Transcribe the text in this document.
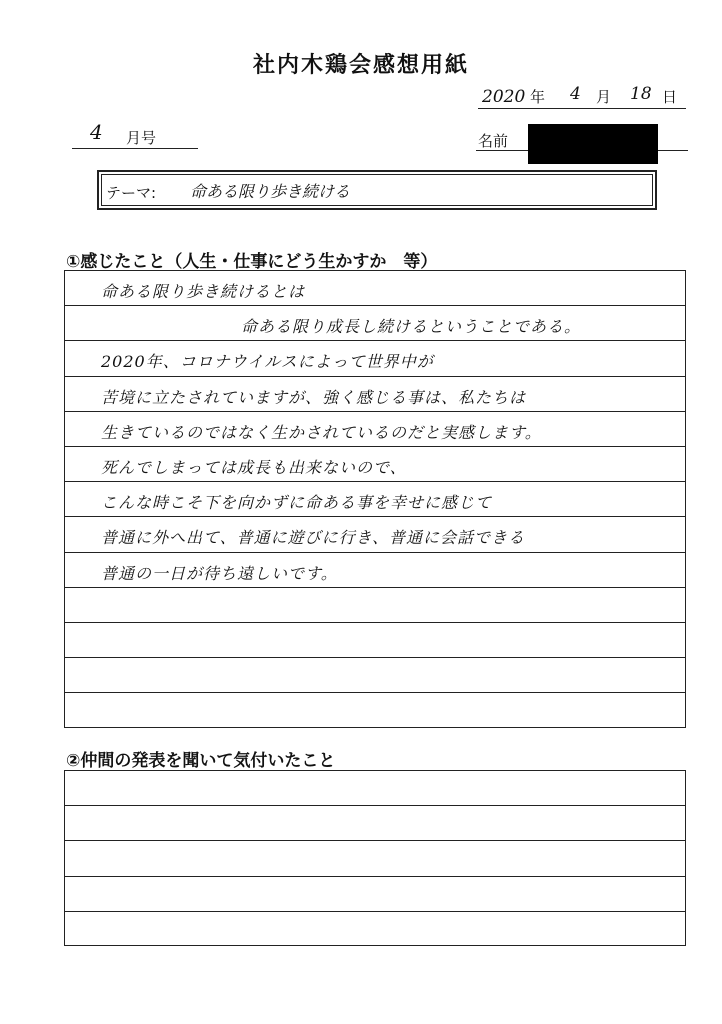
社内木鶏会感想用紙
2020 年 4 月 18 日
4 月号	名前
テーマ: 命ある限り歩き続ける
①感じたこと（人生・仕事にどう生かすか　等）
命ある限り歩き続けるとは
命ある限り成長し続けるということである。
2020年、コロナウイルスによって世界中が
苦境に立たされていますが、強く感じる事は、私たちは
生きているのではなく生かされているのだと実感します。
死んでしまっては成長も出来ないので、
こんな時こそ下を向かずに命ある事を幸せに感じて
普通に外へ出て、普通に遊びに行き、普通に会話できる
普通の一日が待ち遠しいです。
②仲間の発表を聞いて気付いたこと
